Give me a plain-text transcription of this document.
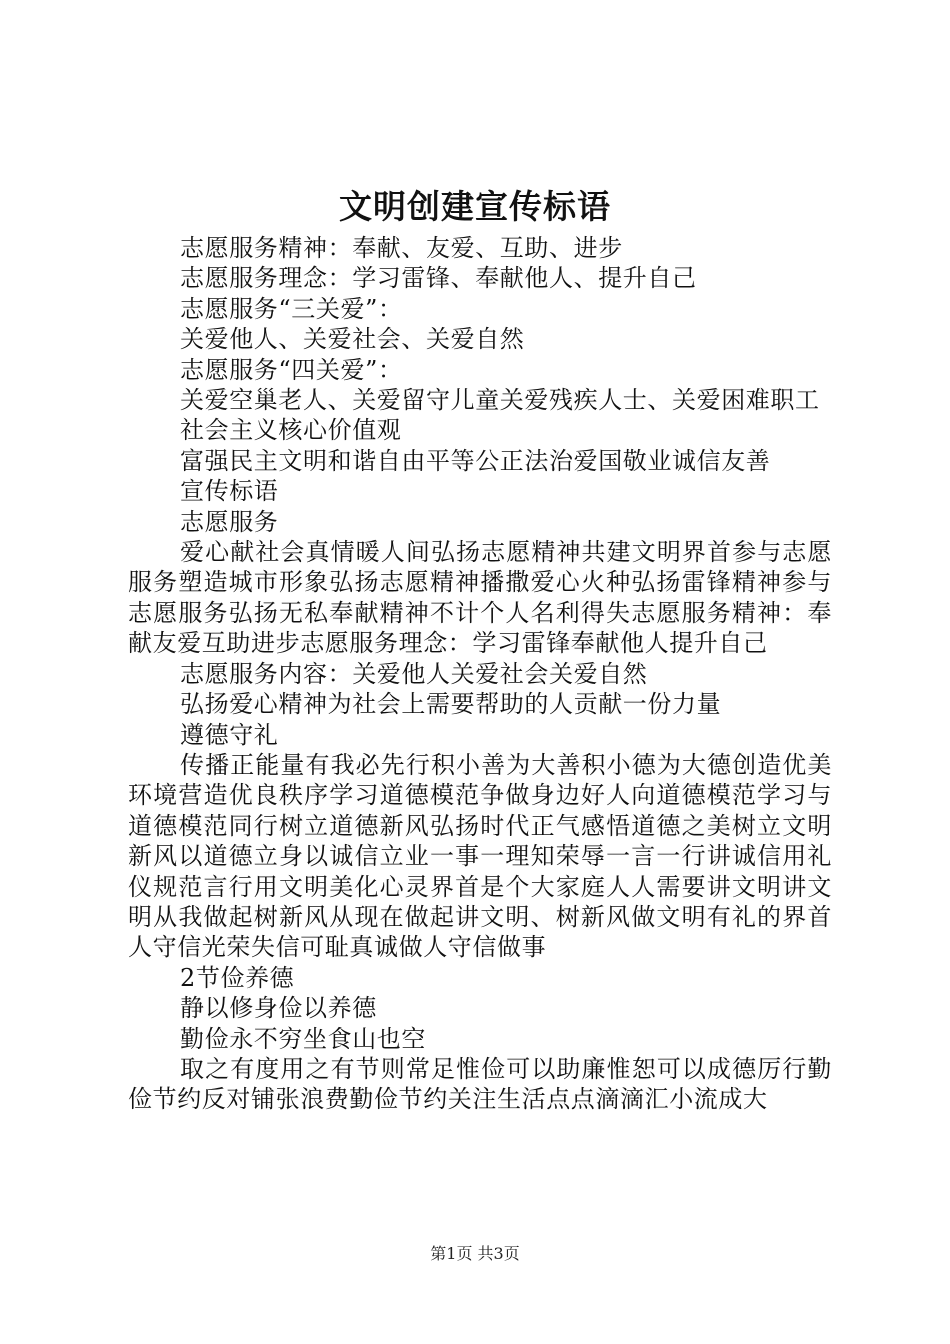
文明创建宣传标语

志愿服务精神：奉献、友爱、互助、进步

志愿服务理念：学习雷锋、奉献他人、提升自己

志愿服务“三关爱”：

关爱他人、关爱社会、关爱自然

志愿服务“四关爱”：

关爱空巢老人、关爱留守儿童关爱残疾人士、关爱困难职工

社会主义核心价值观

富强民主文明和谐自由平等公正法治爱国敬业诚信友善

宣传标语

志愿服务

爱心献社会真情暖人间弘扬志愿精神共建文明界首参与志愿服务塑造城市形象弘扬志愿精神播撒爱心火种弘扬雷锋精神参与志愿服务弘扬无私奉献精神不计个人名利得失志愿服务精神：奉献友爱互助进步志愿服务理念：学习雷锋奉献他人提升自己

志愿服务内容：关爱他人关爱社会关爱自然

弘扬爱心精神为社会上需要帮助的人贡献一份力量

遵德守礼

传播正能量有我必先行积小善为大善积小德为大德创造优美环境营造优良秩序学习道德模范争做身边好人向道德模范学习与道德模范同行树立道德新风弘扬时代正气感悟道德之美树立文明新风以道德立身以诚信立业一事一理知荣辱一言一行讲诚信用礼仪规范言行用文明美化心灵界首是个大家庭人人需要讲文明讲文明从我做起树新风从现在做起讲文明、树新风做文明有礼的界首人守信光荣失信可耻真诚做人守信做事

2节俭养德

静以修身俭以养德

勤俭永不穷坐食山也空

取之有度用之有节则常足惟俭可以助廉惟恕可以成德厉行勤俭节约反对铺张浪费勤俭节约关注生活点点滴滴汇小流成大

第1页 共3页
